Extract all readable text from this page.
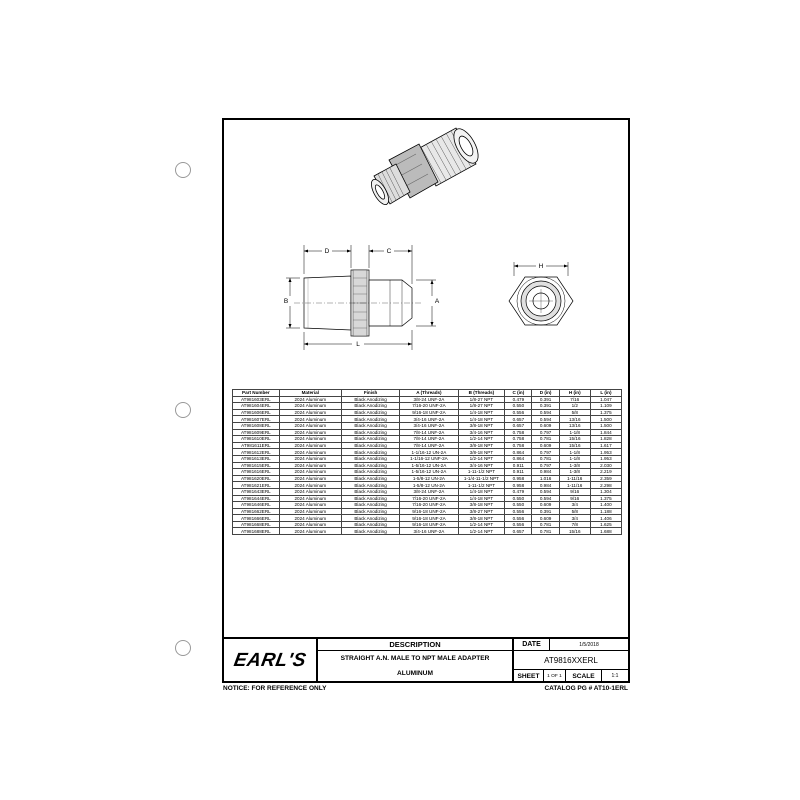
D	C
H
B	A
L
Part Number	Material	Finish	A (Threads)	B (Threads)	C (in)	D (in)	H (in)	L (in)
AT981603ERL	2024 Aluminum	Black Anodizing	3/8-24 UNF-2A	1/8-27 NPT	0.479	0.391	7/16	1.047
AT981604ERL	2024 Aluminum	Black Anodizing	7/16-20 UNF-2A	1/8-27 NPT	0.550	0.391	1/2	1.109
AT981606ERL	2024 Aluminum	Black Anodizing	9/16-18 UNF-2A	1/4-18 NPT	0.556	0.594	5/8	1.375
AT981607ERL	2024 Aluminum	Black Anodizing	3/4-16 UNF-2A	1/4-18 NPT	0.657	0.594	13/16	1.500
AT981608ERL	2024 Aluminum	Black Anodizing	3/4-16 UNF-2A	3/8-18 NPT	0.657	0.609	13/16	1.500
AT981609ERL	2024 Aluminum	Black Anodizing	7/8-14 UNF-2A	3/4-16 NPT	0.758	0.797	1-1/8	1.844
AT981610ERL	2024 Aluminum	Black Anodizing	7/8-14 UNF-2A	1/2-14 NPT	0.758	0.781	15/16	1.828
AT981611ERL	2024 Aluminum	Black Anodizing	7/8-14 UNF-2A	3/8-18 NPT	0.758	0.609	15/16	1.617
AT981612ERL	2024 Aluminum	Black Anodizing	1-1/16-12 UN-2A	3/8-18 NPT	0.864	0.797	1-1/8	1.953
AT981613ERL	2024 Aluminum	Black Anodizing	1-1/16-12 UNF-2A	1/2-14 NPT	0.864	0.781	1-1/8	1.953
AT981615ERL	2024 Aluminum	Black Anodizing	1-5/16-12 UN-2A	3/4-16 NPT	0.911	0.797	1-3/8	2.030
AT981616ERL	2024 Aluminum	Black Anodizing	1-5/16-12 UN-2A	1-11-1/2 NPT	0.911	0.984	1-3/8	2.219
AT981620ERL	2024 Aluminum	Black Anodizing	1-5/8-12 UN-2A	1-1/4-11-1/2 NPT	0.958	1.016	1-11/16	2.359
AT981621ERL	2024 Aluminum	Black Anodizing	1-5/8-12 UN-2A	1-11-1/2 NPT	0.958	0.984	1-11/16	2.298
AT981643ERL	2024 Aluminum	Black Anodizing	3/8-24 UNF-2A	1/4-18 NPT	0.479	0.594	9/16	1.304
AT981644ERL	2024 Aluminum	Black Anodizing	7/16-20 UNF-2A	1/4-18 NPT	0.550	0.594	9/16	1.375
AT981646ERL	2024 Aluminum	Black Anodizing	7/16-20 UNF-2A	3/8-18 NPT	0.550	0.609	3/4	1.400
AT981662ERL	2024 Aluminum	Black Anodizing	9/16-18 UNF-2A	3/8-27 NPT	0.556	0.391	5/8	1.188
AT981666ERL	2024 Aluminum	Black Anodizing	9/16-18 UNF-2A	3/8-18 NPT	0.556	0.609	3/4	1.406
AT981668ERL	2024 Aluminum	Black Anodizing	9/16-18 UNF-2A	1/2-14 NPT	0.556	0.781	7/8	1.625
AT981688ERL	2024 Aluminum	Black Anodizing	3/4-16 UNF-2A	1/2-14 NPT	0.657	0.781	15/16	1.688
EARL'S
DESCRIPTION
STRAIGHT A.N. MALE TO NPT MALE ADAPTER
ALUMINUM
DATE	1/5/2018
AT9816XXERL
SHEET	1 OF 1	SCALE	1:1
NOTICE: FOR REFERENCE ONLY	CATALOG PG # AT10-1ERL
